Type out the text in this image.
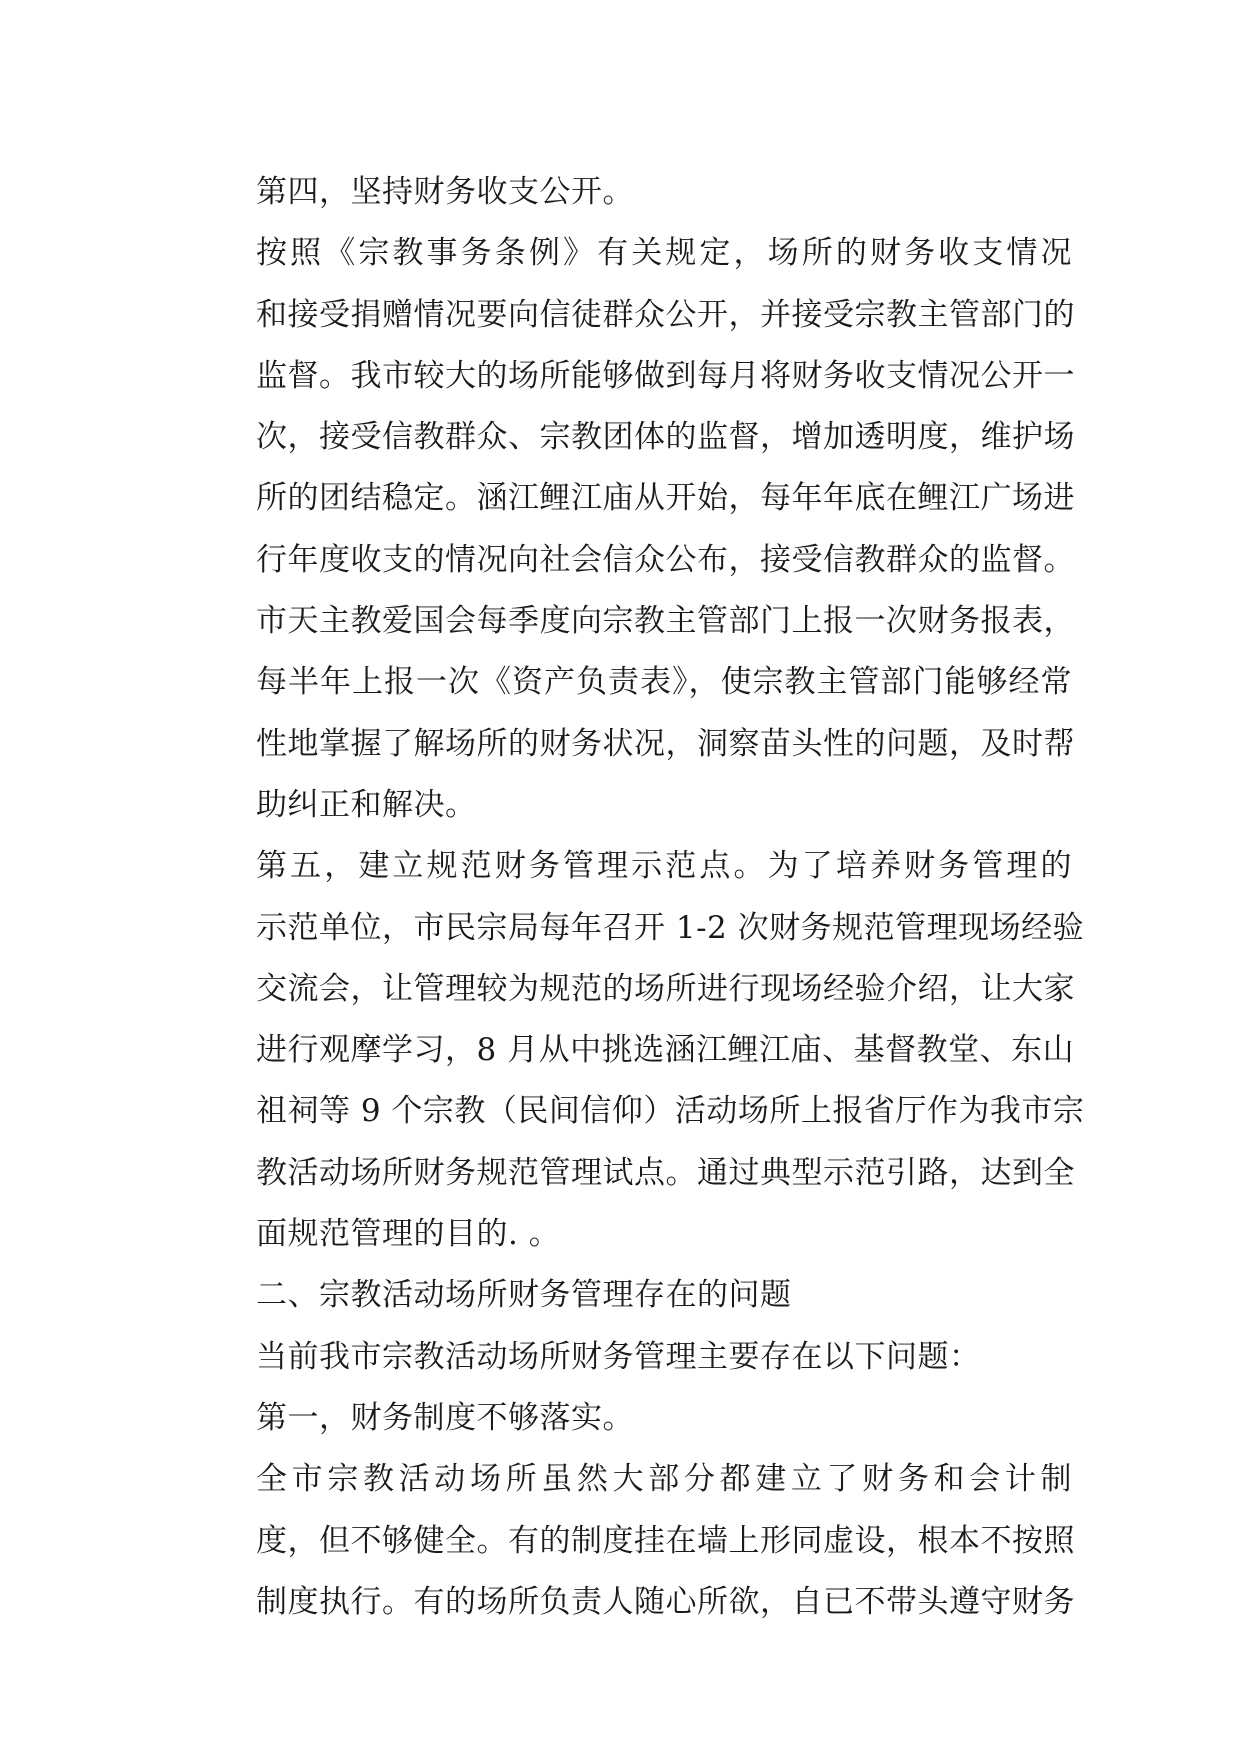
第四，坚持财务收支公开。

按照《宗教事务条例》有关规定，场所的财务收支情况
和接受捐赠情况要向信徒群众公开，并接受宗教主管部门的
监督。我市较大的场所能够做到每月将财务收支情况公开一
次，接受信教群众、宗教团体的监督，增加透明度，维护场
所的团结稳定。涵江鲤江庙从开始，每年年底在鲤江广场进
行年度收支的情况向社会信众公布，接受信教群众的监督。
市天主教爱国会每季度向宗教主管部门上报一次财务报表，
每半年上报一次《资产负责表》，使宗教主管部门能够经常
性地掌握了解场所的财务状况，洞察苗头性的问题，及时帮
助纠正和解决。

第五，建立规范财务管理示范点。为了培养财务管理的
示范单位，市民宗局每年召开 1-2 次财务规范管理现场经验
交流会，让管理较为规范的场所进行现场经验介绍，让大家
进行观摩学习，8 月从中挑选涵江鲤江庙、基督教堂、东山
祖祠等 9 个宗教（民间信仰）活动场所上报省厅作为我市宗
教活动场所财务规范管理试点。通过典型示范引路，达到全
面规范管理的目的. 。

二、宗教活动场所财务管理存在的问题

当前我市宗教活动场所财务管理主要存在以下问题：

第一，财务制度不够落实。

全市宗教活动场所虽然大部分都建立了财务和会计制
度，但不够健全。有的制度挂在墙上形同虚设，根本不按照
制度执行。有的场所负责人随心所欲，自已不带头遵守财务
